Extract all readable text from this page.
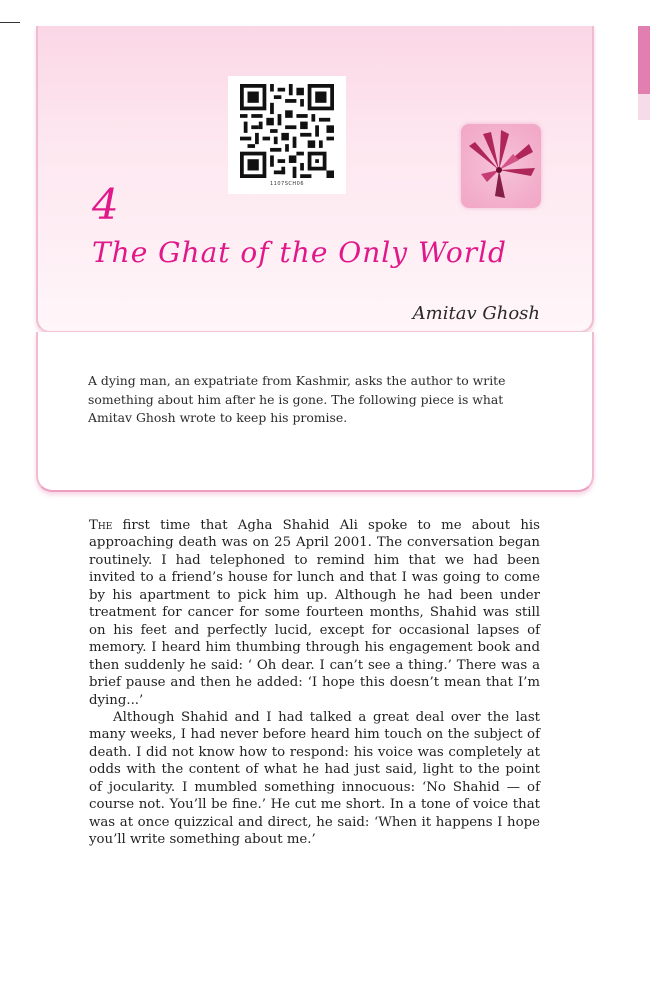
1107SCH06
4
The Ghat of the Only World
Amitav Ghosh
A dying man, an expatriate from Kashmir, asks the author to write something about him after he is gone. The following piece is what Amitav Ghosh wrote to keep his promise.

The first time that Agha Shahid Ali spoke to me about his approaching death was on 25 April 2001. The conversation began routinely. I had telephoned to remind him that we had been invited to a friend’s house for lunch and that I was going to come by his apartment to pick him up. Although he had been under treatment for cancer for some fourteen months, Shahid was still on his feet and perfectly lucid, except for occasional lapses of memory. I heard him thumbing through his engagement book and then suddenly he said: ‘ Oh dear. I can’t see a thing.’ There was a brief pause and then he added: ‘I hope this doesn’t mean that I’m dying...’

Although Shahid and I had talked a great deal over the last many weeks, I had never before heard him touch on the subject of death. I did not know how to respond: his voice was completely at odds with the content of what he had just said, light to the point of jocularity. I mumbled something innocuous: ‘No Shahid — of course not. You’ll be fine.’ He cut me short. In a tone of voice that was at once quizzical and direct, he said: ‘When it happens I hope you’ll write something about me.’
